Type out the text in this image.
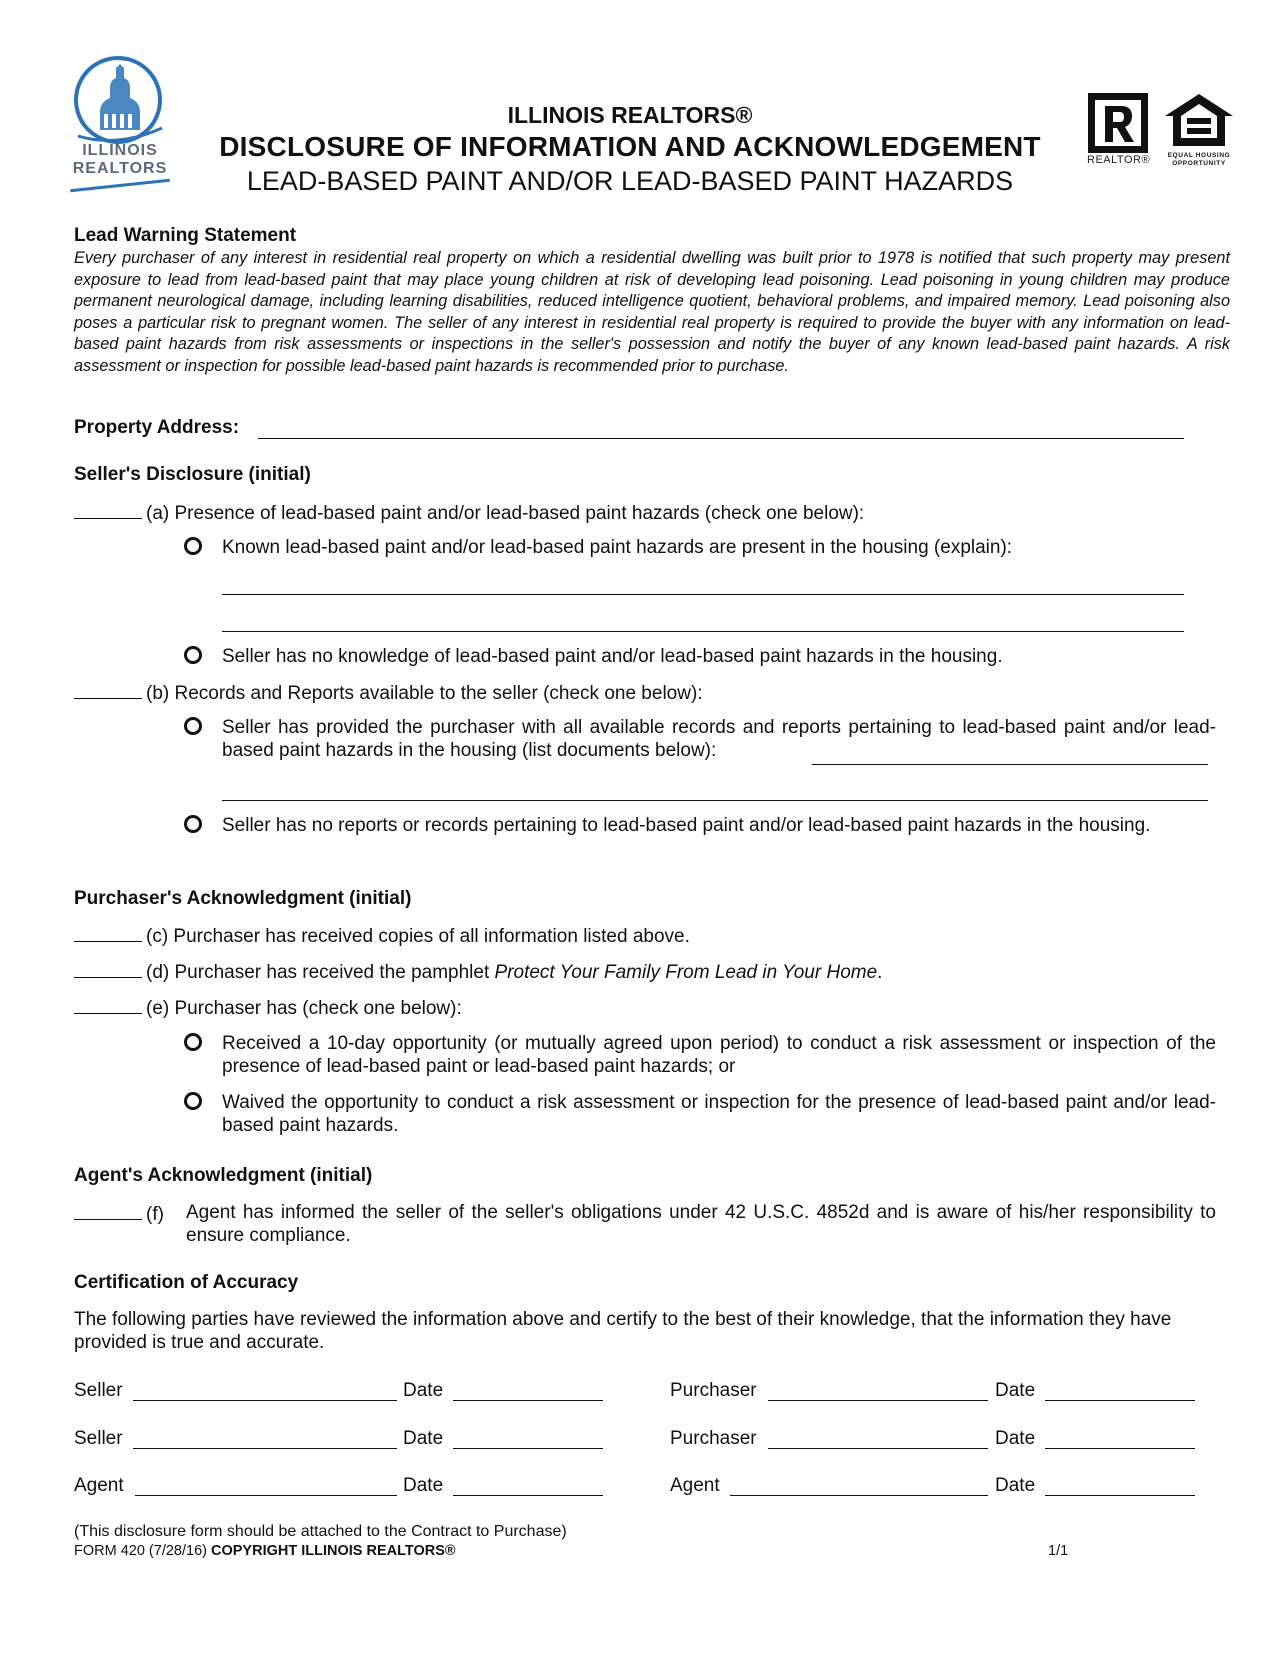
ILLINOIS
REALTORS
ILLINOIS REALTORS®
DISCLOSURE OF INFORMATION AND ACKNOWLEDGEMENT
LEAD-BASED PAINT AND/OR LEAD-BASED PAINT HAZARDS
REALTOR®	EQUAL HOUSING
OPPORTUNITY
Lead Warning Statement
Every purchaser of any interest in residential real property on which a residential dwelling was built prior to 1978 is notified that such property may present exposure to lead from lead-based paint that may place young children at risk of developing lead poisoning. Lead poisoning in young children may produce permanent neurological damage, including learning disabilities, reduced intelligence quotient, behavioral problems, and impaired memory. Lead poisoning also poses a particular risk to pregnant women. The seller of any interest in residential real property is required to provide the buyer with any information on lead-based paint hazards from risk assessments or inspections in the seller's possession and notify the buyer of any known lead-based paint hazards. A risk assessment or inspection for possible lead-based paint hazards is recommended prior to purchase.
Property Address:
Seller's Disclosure (initial)
(a) Presence of lead-based paint and/or lead-based paint hazards (check one below):
Known lead-based paint and/or lead-based paint hazards are present in the housing (explain):
Seller has no knowledge of lead-based paint and/or lead-based paint hazards in the housing.
(b) Records and Reports available to the seller (check one below):
Seller has provided the purchaser with all available records and reports pertaining to lead-based paint and/or lead-based paint hazards in the housing (list documents below):
Seller has no reports or records pertaining to lead-based paint and/or lead-based paint hazards in the housing.
Purchaser's Acknowledgment (initial)
(c) Purchaser has received copies of all information listed above.
(d) Purchaser has received the pamphlet Protect Your Family From Lead in Your Home.
(e) Purchaser has (check one below):
Received a 10-day opportunity (or mutually agreed upon period) to conduct a risk assessment or inspection of the presence of lead-based paint or lead-based paint hazards; or
Waived the opportunity to conduct a risk assessment or inspection for the presence of lead-based paint and/or lead-based paint hazards.
Agent's Acknowledgment (initial)
(f) Agent has informed the seller of the seller's obligations under 42 U.S.C. 4852d and is aware of his/her responsibility to ensure compliance.
Certification of Accuracy
The following parties have reviewed the information above and certify to the best of their knowledge, that the information they have provided is true and accurate.
Seller	Date	Purchaser	Date
Seller	Date	Purchaser	Date
Agent	Date	Agent	Date
(This disclosure form should be attached to the Contract to Purchase)
FORM 420 (7/28/16) COPYRIGHT ILLINOIS REALTORS®	1/1
